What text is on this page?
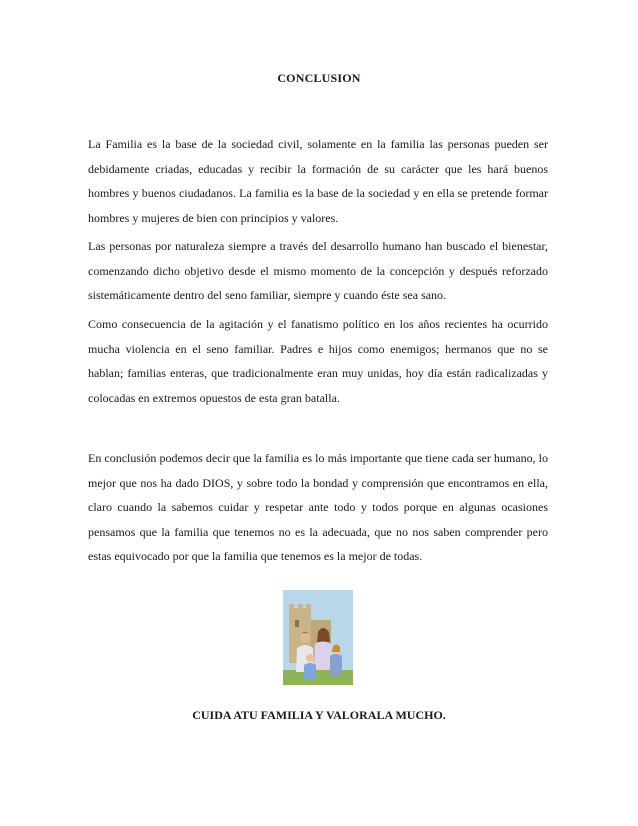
CONCLUSION

La Familia es la base de la sociedad civil, solamente en la familia las personas pueden ser debidamente criadas, educadas y recibir la formación de su carácter que les hará buenos hombres y buenos ciudadanos. La familia es la base de la sociedad y en ella se pretende formar hombres y mujeres de bien con principios y valores.

Las personas por naturaleza siempre a través del desarrollo humano han buscado el bienestar, comenzando dicho objetivo desde el mismo momento de la concepción y después reforzado sistemáticamente dentro del seno familiar, siempre y cuando éste sea sano.

Como consecuencia de la agitación y el fanatismo político en los años recientes ha ocurrido mucha violencia en el seno familiar. Padres e hijos como enemigos; hermanos que no se hablan; familias enteras, que tradicionalmente eran muy unidas, hoy día están radicalizadas y colocadas en extremos opuestos de esta gran batalla.

En conclusión podemos decir que la familia es lo más importante que tiene cada ser humano, lo mejor que nos ha dado DIOS, y sobre todo la bondad y comprensión que encontramos en ella, claro cuando la sabemos cuidar y respetar ante todo y todos porque en algunas ocasiones pensamos que la familia que tenemos no es la adecuada, que no nos saben comprender pero estas equivocado por que la familia que tenemos es la mejor de todas.

CUIDA ATU FAMILIA Y VALORALA MUCHO.
